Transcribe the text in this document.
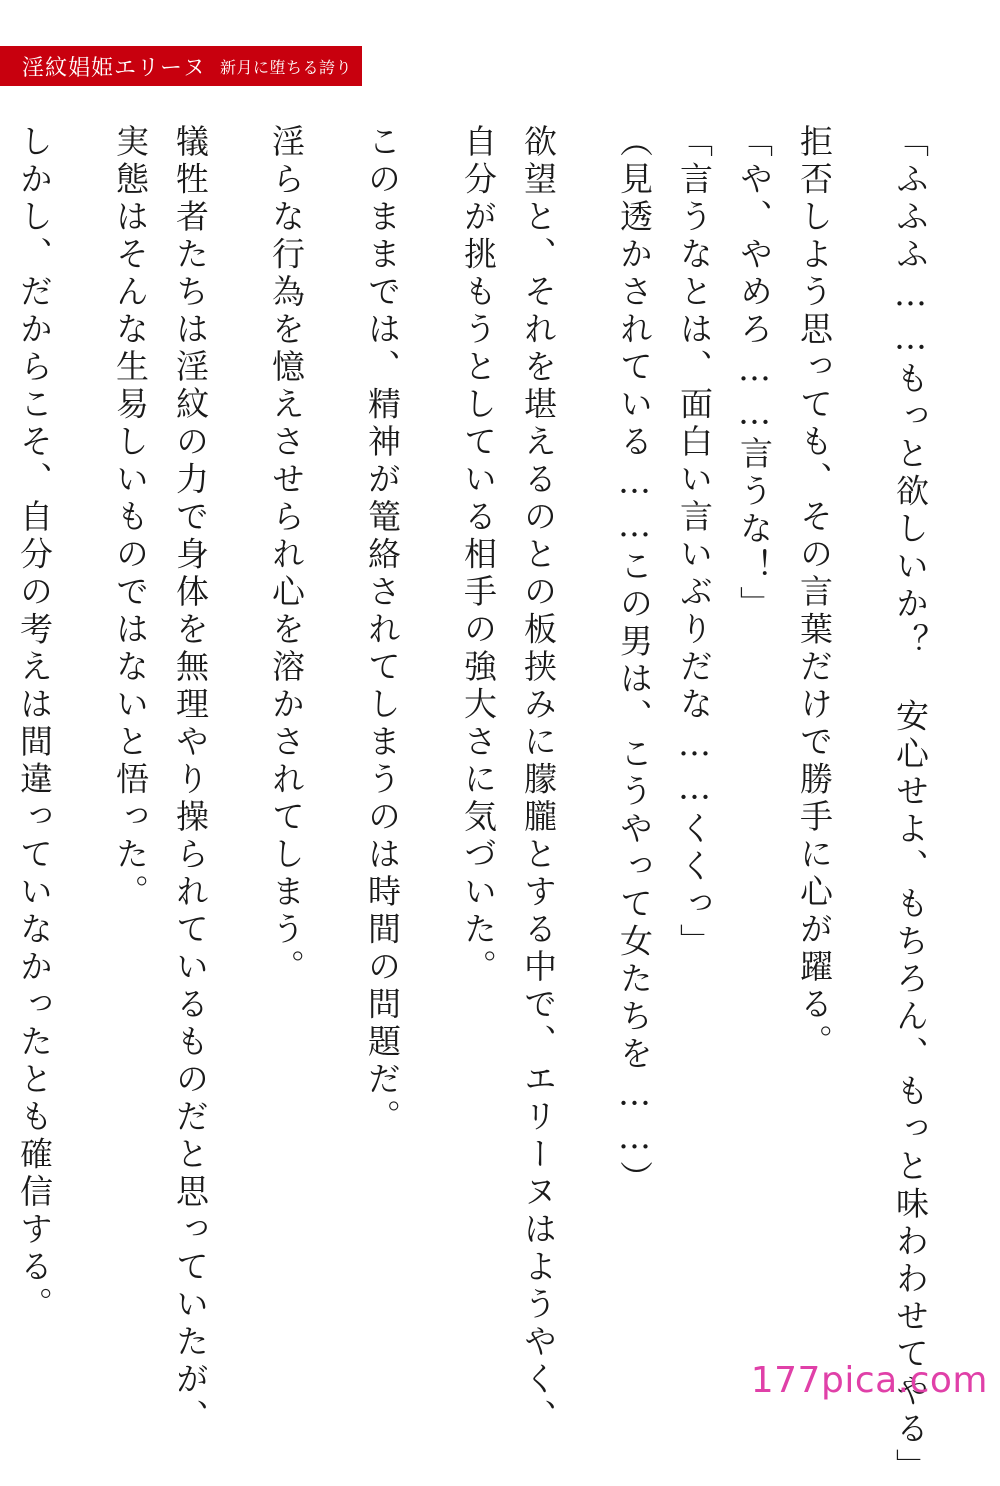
淫紋娼姫エリーヌ 新月に堕ちる誇り

「ふふふ……もっと欲しいか？　安心せよ、もちろん、もっと味わわせてやる」

拒否しよう思っても、その言葉だけで勝手に心が躍る。

「や、やめろ……言うな！」

「言うなとは、面白い言いぶりだな……くくっ」

（見透かされている……この男は、こうやって女たちを……）

欲望と、それを堪えるのとの板挟みに朦朧とする中で、エリーヌはようやく、

自分が挑もうとしている相手の強大さに気づいた。

このままでは、精神が篭絡されてしまうのは時間の問題だ。

淫らな行為を憶えさせられ心を溶かされてしまう。

犠牲者たちは淫紋の力で身体を無理やり操られているものだと思っていたが、

実態はそんな生易しいものではないと悟った。

しかし、だからこそ、自分の考えは間違っていなかったとも確信する。

177pica.com
